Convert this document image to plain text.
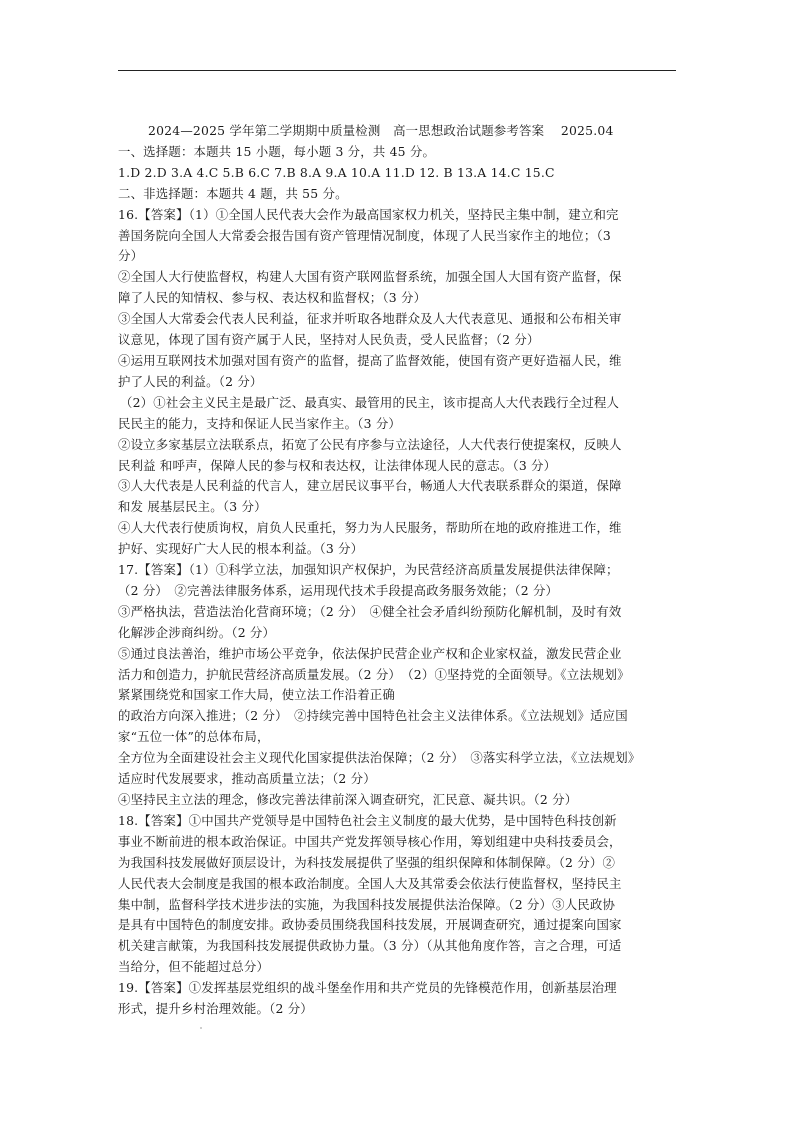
2024—2025 学年第二学期期中质量检测　高一思想政治试题参考答案　 2025.04
一、选择题：本题共 15 小题，每小题 3 分，共 45 分。
1.D 2.D 3.A 4.C 5.B 6.C 7.B 8.A 9.A 10.A 11.D 12. B 13.A 14.C 15.C
二、非选择题：本题共 4 题，共 55 分。
16.【答案】（1）①全国人民代表大会作为最高国家权力机关，坚持民主集中制，建立和完
善国务院向全国人大常委会报告国有资产管理情况制度，体现了人民当家作主的地位；（3
分）
②全国人大行使监督权，构建人大国有资产联网监督系统，加强全国人大国有资产监督，保
障了人民的知情权、参与权、表达权和监督权；（3 分）
③全国人大常委会代表人民利益，征求并听取各地群众及人大代表意见、通报和公布相关审
议意见，体现了国有资产属于人民，坚持对人民负责，受人民监督；（2 分）
④运用互联网技术加强对国有资产的监督，提高了监督效能，使国有资产更好造福人民，维
护了人民的利益。（2 分）
（2）①社会主义民主是最广泛、最真实、最管用的民主，该市提高人大代表践行全过程人
民民主的能力，支持和保证人民当家作主。（3 分）
②设立多家基层立法联系点，拓宽了公民有序参与立法途径，人大代表行使提案权，反映人
民利益 和呼声，保障人民的参与权和表达权，让法律体现人民的意志。（3 分）
③人大代表是人民利益的代言人，建立居民议事平台，畅通人大代表联系群众的渠道，保障
和发 展基层民主。（3 分）
④人大代表行使质询权，肩负人民重托，努力为人民服务，帮助所在地的政府推进工作，维
护好、实现好广大人民的根本利益。（3 分）
17.【答案】（1）①科学立法，加强知识产权保护，为民营经济高质量发展提供法律保障；
（2 分）　②完善法律服务体系，运用现代技术手段提高政务服务效能；（2 分）
③严格执法，营造法治化营商环境；（2 分）　④健全社会矛盾纠纷预防化解机制，及时有效
化解涉企涉商纠纷。（2 分）
⑤通过良法善治，维护市场公平竞争，依法保护民营企业产权和企业家权益，激发民营企业
活力和创造力，护航民营经济高质量发展。（2 分）　（2）①坚持党的全面领导。《立法规划》
紧紧围绕党和国家工作大局，使立法工作沿着正确
的政治方向深入推进；（2 分）　②持续完善中国特色社会主义法律体系。《立法规划》适应国
家“五位一体”的总体布局，
全方位为全面建设社会主义现代化国家提供法治保障；（2 分）　③落实科学立法，《立法规划》
适应时代发展要求，推动高质量立法；（2 分）
④坚持民主立法的理念，修改完善法律前深入调查研究，汇民意、凝共识。（2 分）
18.【答案】①中国共产党领导是中国特色社会主义制度的最大优势，是中国特色科技创新
事业不断前进的根本政治保证。中国共产党发挥领导核心作用，筹划组建中央科技委员会，
为我国科技发展做好顶层设计，为科技发展提供了坚强的组织保障和体制保障。（2 分）②
人民代表大会制度是我国的根本政治制度。全国人大及其常委会依法行使监督权，坚持民主
集中制，监督科学技术进步法的实施，为我国科技发展提供法治保障。（2 分）③人民政协
是具有中国特色的制度安排。政协委员围绕我国科技发展，开展调查研究，通过提案向国家
机关建言献策，为我国科技发展提供政协力量。（3 分）（从其他角度作答，言之合理，可适
当给分，但不能超过总分）
19.【答案】①发挥基层党组织的战斗堡垒作用和共产党员的先锋模范作用，创新基层治理
形式，提升乡村治理效能。（2 分）
